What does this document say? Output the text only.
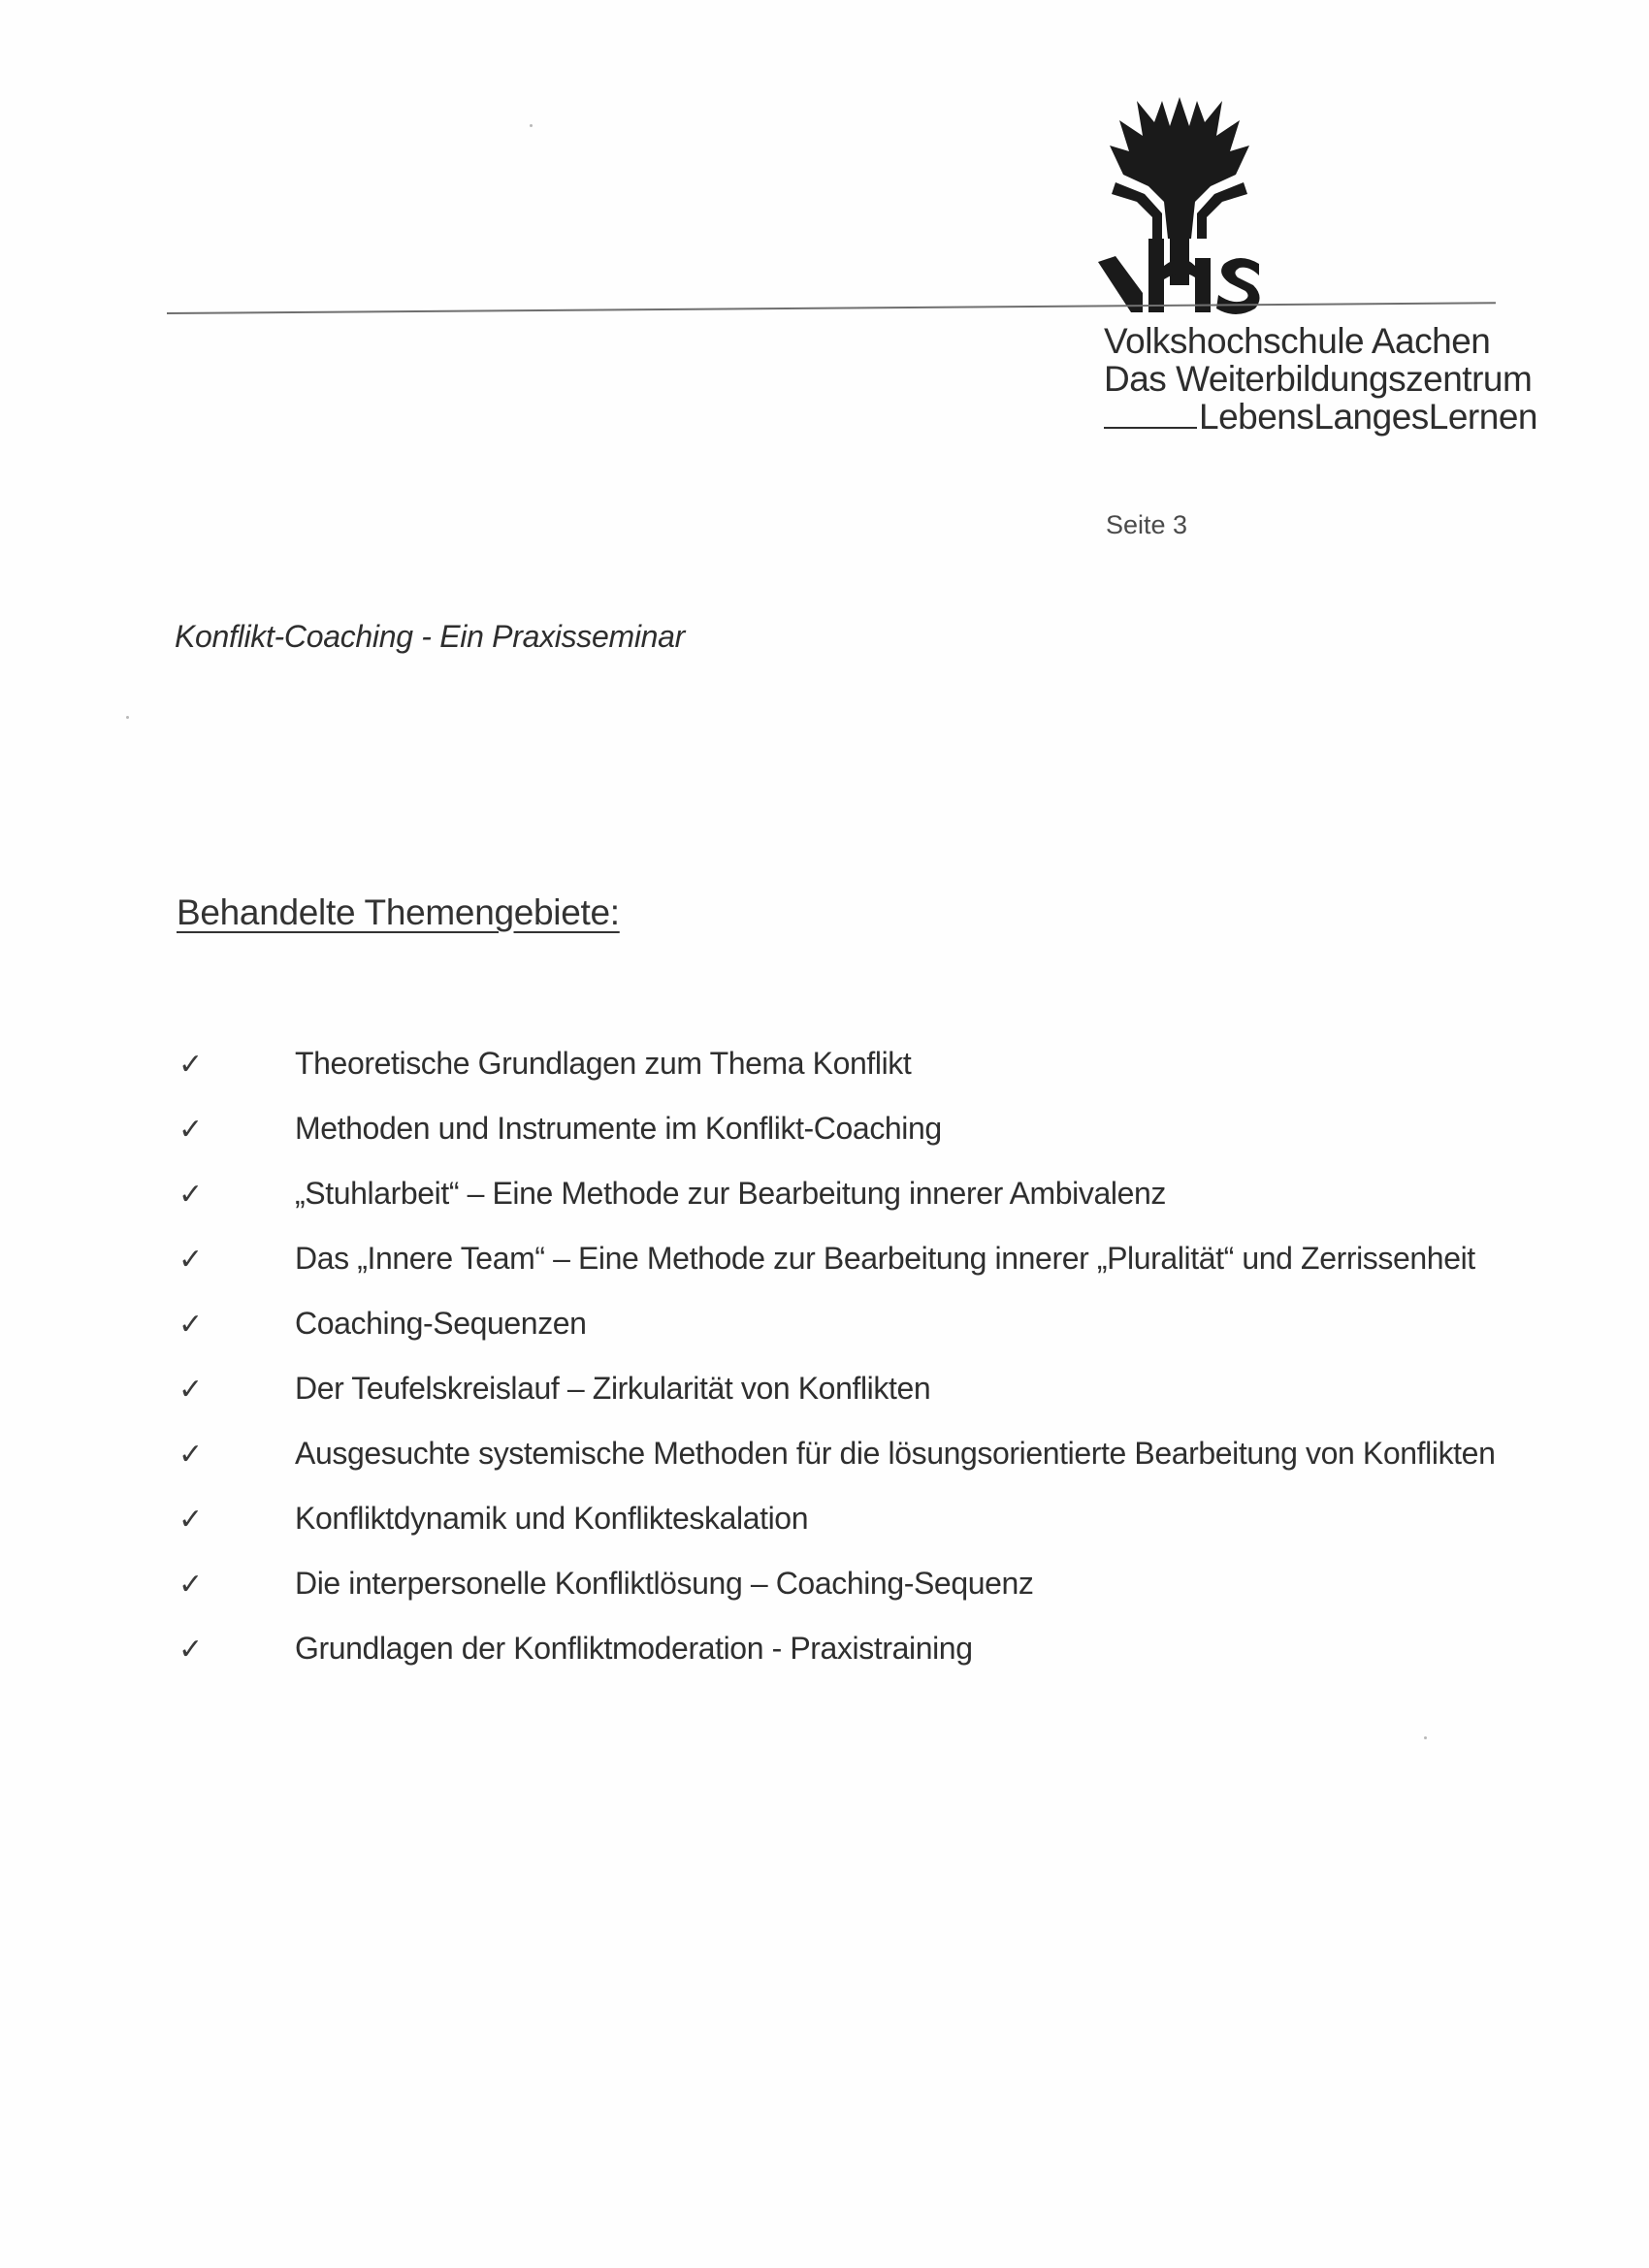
Volkshochschule Aachen
Das Weiterbildungszentrum
LebensLangesLernen
Seite 3
Konflikt-Coaching - Ein Praxisseminar
Behandelte Themengebiete:
✓	Theoretische Grundlagen zum Thema Konflikt
✓	Methoden und Instrumente im Konflikt-Coaching
✓	„Stuhlarbeit“ – Eine Methode zur Bearbeitung innerer Ambivalenz
✓	Das „Innere Team“ – Eine Methode zur Bearbeitung innerer „Pluralität“ und Zerrissenheit
✓	Coaching-Sequenzen
✓	Der Teufelskreislauf – Zirkularität von Konflikten
✓	Ausgesuchte systemische Methoden für die lösungsorientierte Bearbeitung von Konflikten
✓	Konfliktdynamik und Konflikteskalation
✓	Die interpersonelle Konfliktlösung – Coaching-Sequenz
✓	Grundlagen der Konfliktmoderation - Praxistraining
